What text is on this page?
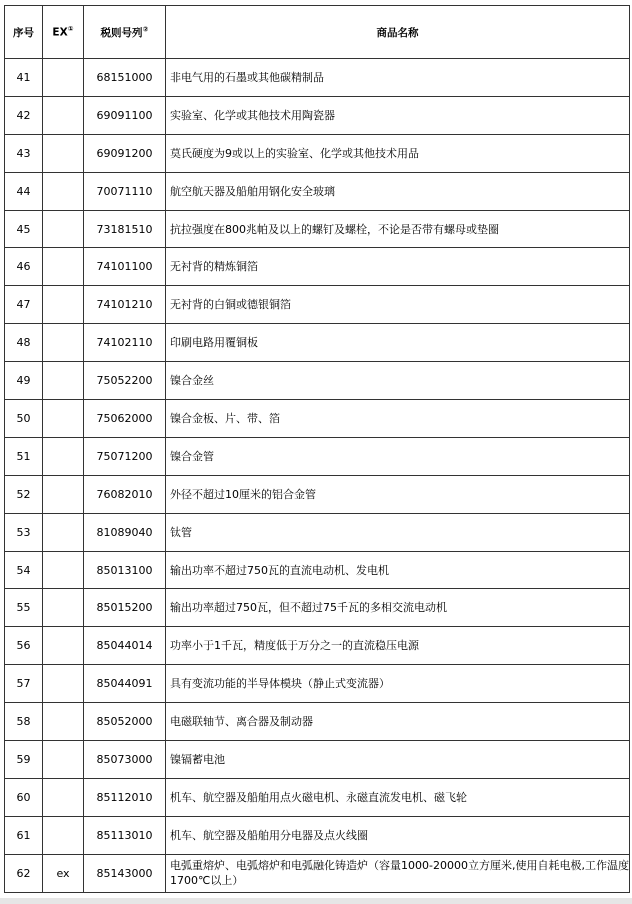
序号	EX①	税则号列②	商品名称
41		68151000	非电气用的石墨或其他碳精制品
42		69091100	实验室、化学或其他技术用陶瓷器
43		69091200	莫氏硬度为9或以上的实验室、化学或其他技术用品
44		70071110	航空航天器及船舶用钢化安全玻璃
45		73181510	抗拉强度在800兆帕及以上的螺钉及螺栓，不论是否带有螺母或垫圈
46		74101100	无衬背的精炼铜箔
47		74101210	无衬背的白铜或德银铜箔
48		74102110	印刷电路用覆铜板
49		75052200	镍合金丝
50		75062000	镍合金板、片、带、箔
51		75071200	镍合金管
52		76082010	外径不超过10厘米的铝合金管
53		81089040	钛管
54		85013100	输出功率不超过750瓦的直流电动机、发电机
55		85015200	输出功率超过750瓦，但不超过75千瓦的多相交流电动机
56		85044014	功率小于1千瓦，精度低于万分之一的直流稳压电源
57		85044091	具有变流功能的半导体模块（静止式变流器）
58		85052000	电磁联轴节、离合器及制动器
59		85073000	镍镉蓄电池
60		85112010	机车、航空器及船舶用点火磁电机、永磁直流发电机、磁飞轮
61		85113010	机车、航空器及船舶用分电器及点火线圈
62	ex	85143000	电弧重熔炉、电弧熔炉和电弧融化铸造炉（容量1000-20000立方厘米,使用自耗电极,工作温度1700℃以上）
